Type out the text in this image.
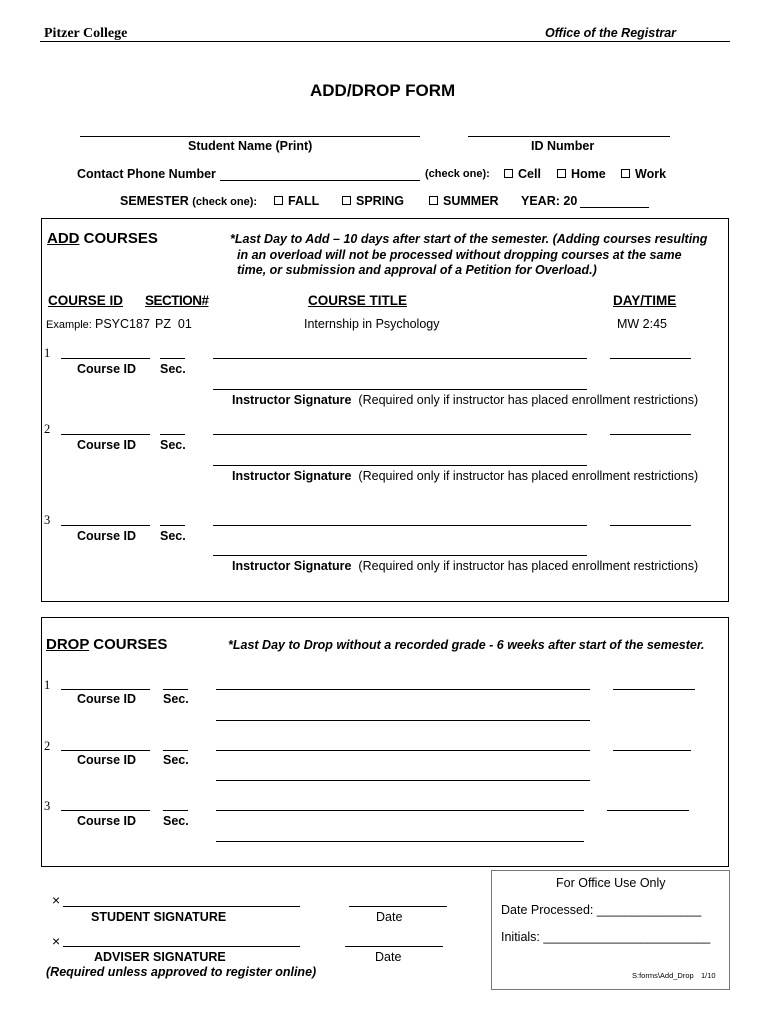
Pitzer College	Office of the Registrar
ADD/DROP FORM
Student Name (Print)	ID Number
Contact Phone Number	(check one):	Cell	Home	Work
SEMESTER (check one):	FALL	SPRING	SUMMER YEAR: 20
ADD COURSES	*Last Day to Add – 10 days after start of the semester. (Adding courses resulting
in an overload will not be processed without dropping courses at the same
time, or submission and approval of a Petition for Overload.)
COURSE ID SECTION#	COURSE TITLE	DAY/TIME
Example: PSYC187 PZ  01	Internship in Psychology	MW 2:45
1
Course ID Sec.
Instructor Signature (Required only if instructor has placed enrollment restrictions)
2
Course ID Sec.
Instructor Signature (Required only if instructor has placed enrollment restrictions)
3
Course ID Sec.
Instructor Signature (Required only if instructor has placed enrollment restrictions)
DROP COURSES	*Last Day to Drop without a recorded grade - 6 weeks after start of the semester.
1
Course ID Sec.
2
Course ID Sec.
3
Course ID Sec.
×
STUDENT SIGNATURE	Date
×
ADVISER SIGNATURE	Date
(Required unless approved to register online)
For Office Use Only
Date Processed: _______________
Initials: ________________________
S:forms\Add_Drop 1/10
